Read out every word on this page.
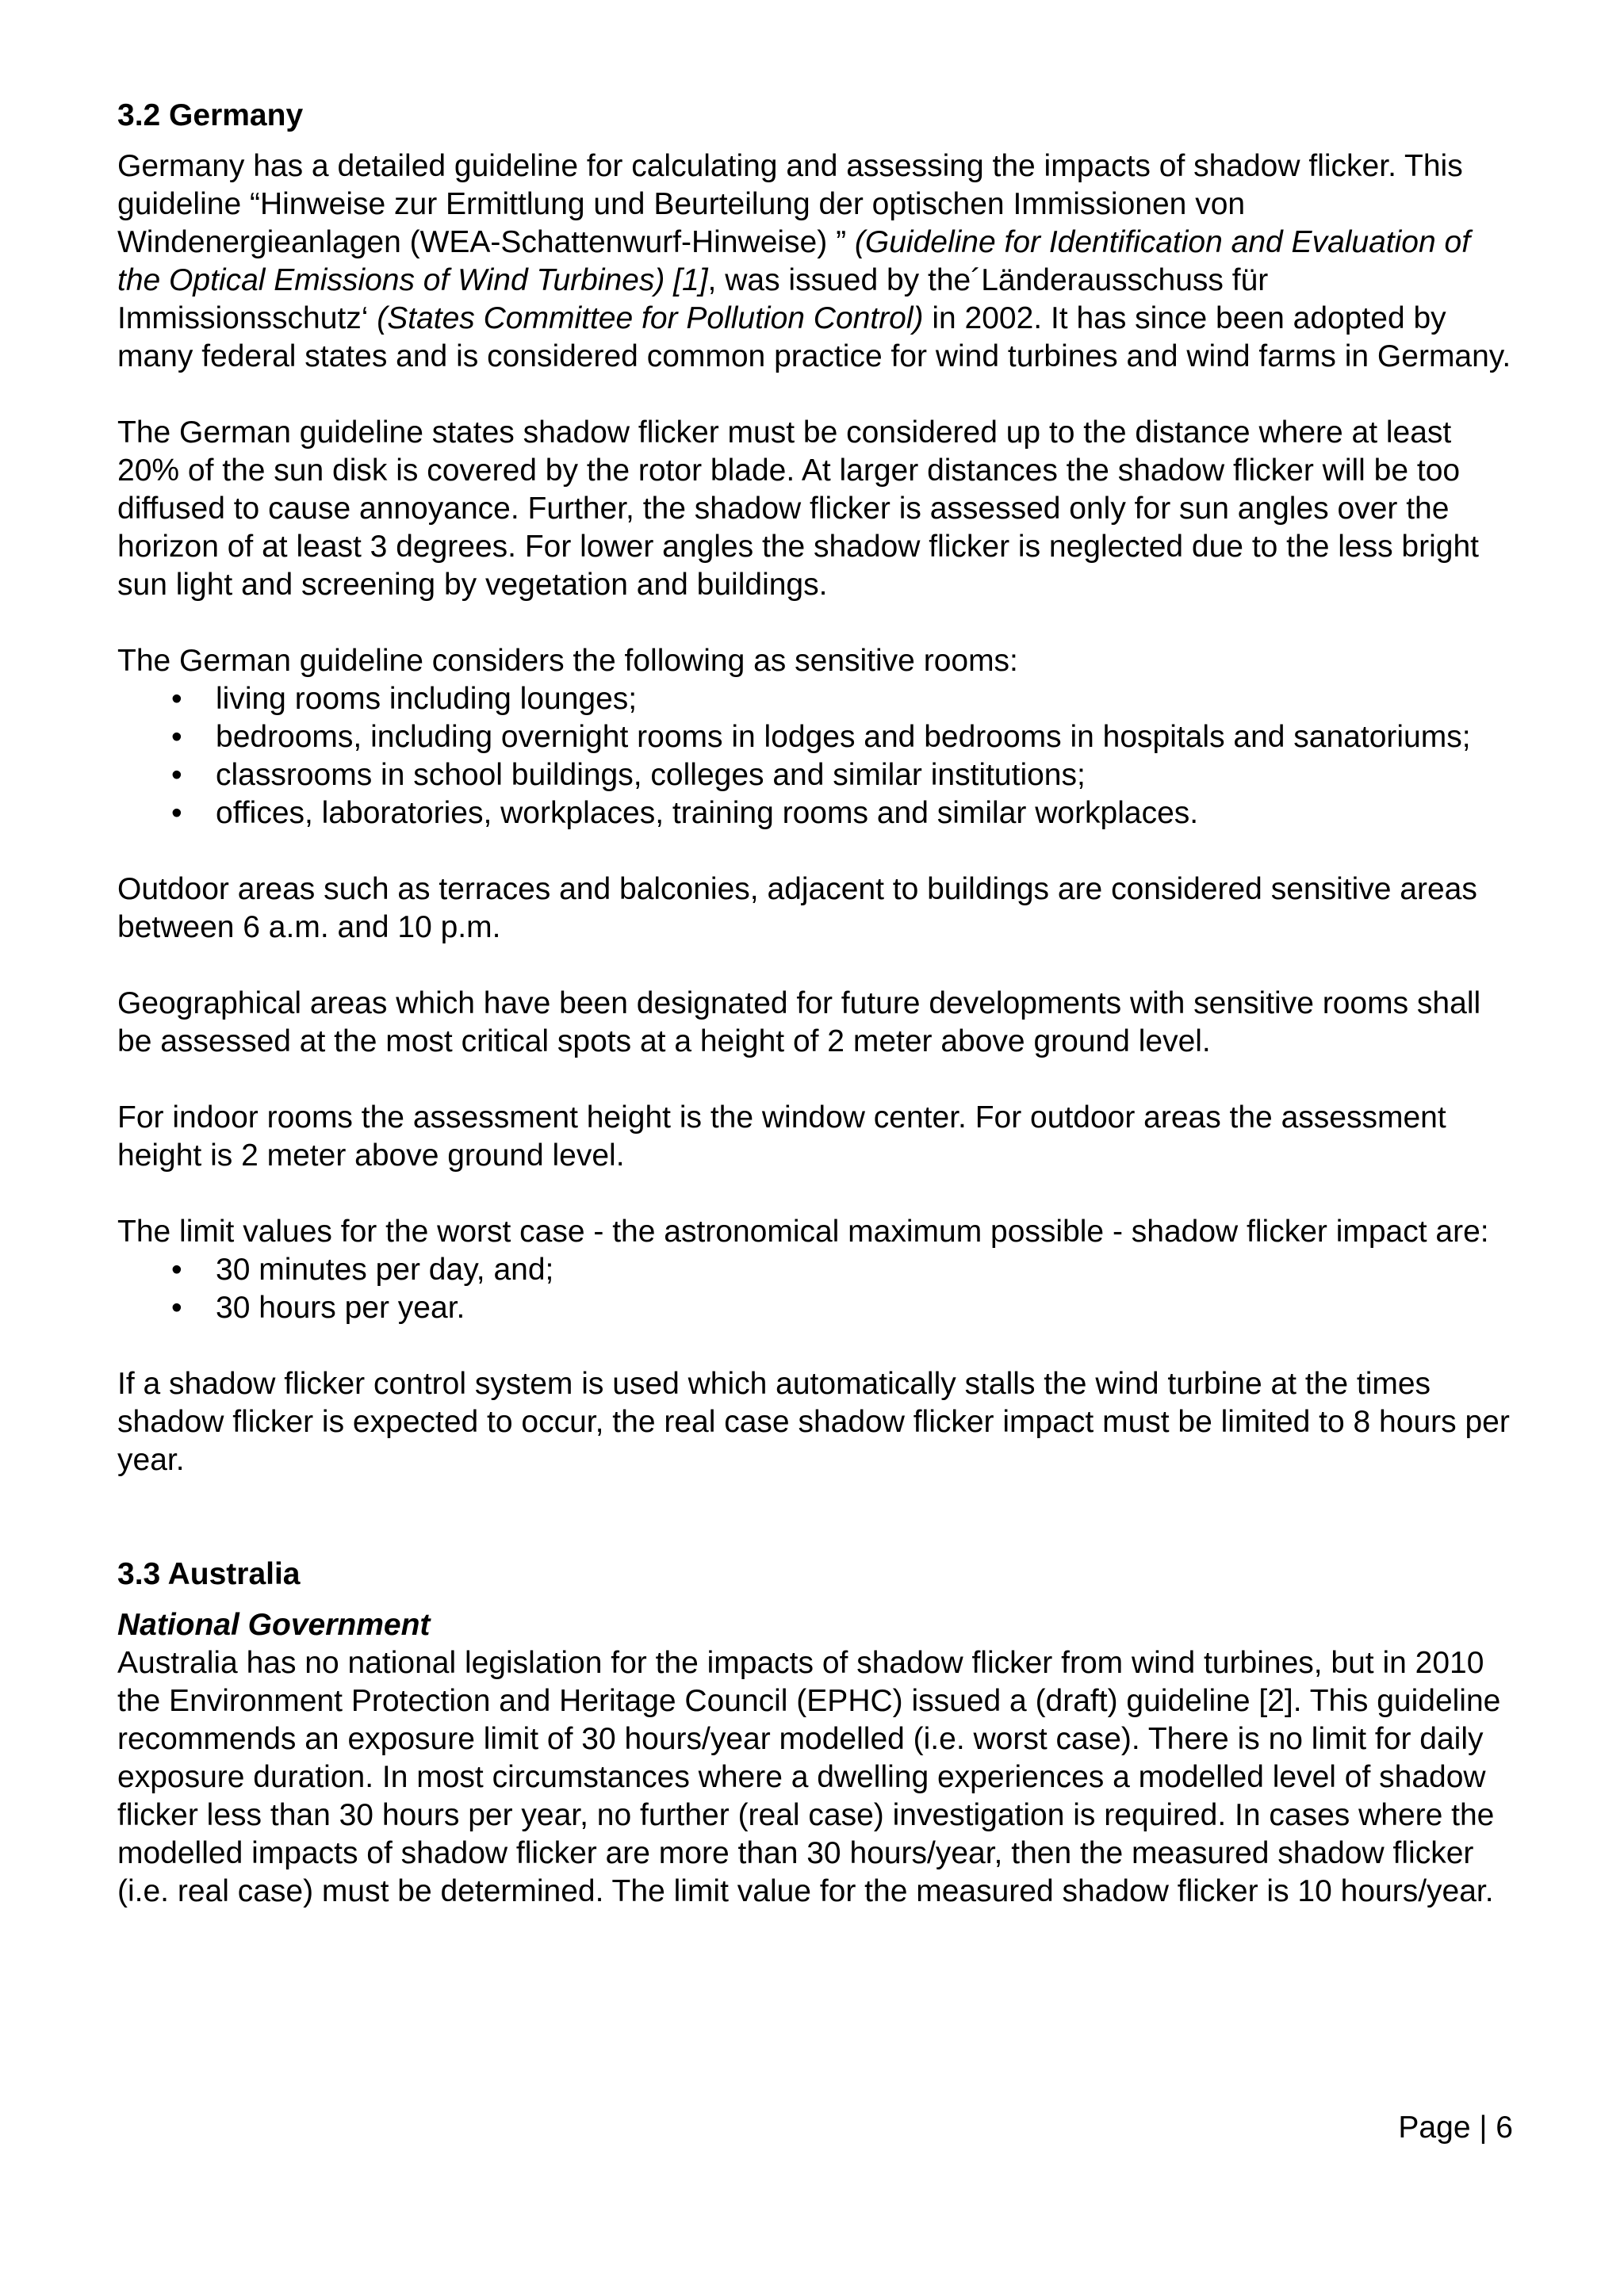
3.2 Germany

Germany has a detailed guideline for calculating and assessing the impacts of shadow flicker. This guideline “Hinweise zur Ermittlung und Beurteilung der optischen Immissionen von Windenergieanlagen (WEA-Schattenwurf-Hinweise) ” (Guideline for Identification and Evaluation of the Optical Emissions of Wind Turbines) [1], was issued by the´Länderausschuss für Immissionsschutz‘ (States Committee for Pollution Control) in 2002. It has since been adopted by many federal states and is considered common practice for wind turbines and wind farms in Germany.

The German guideline states shadow flicker must be considered up to the distance where at least 20% of the sun disk is covered by the rotor blade. At larger distances the shadow flicker will be too diffused to cause annoyance. Further, the shadow flicker is assessed only for sun angles over the horizon of at least 3 degrees. For lower angles the shadow flicker is neglected due to the less bright sun light and screening by vegetation and buildings.

The German guideline considers the following as sensitive rooms:

• living rooms including lounges;
• bedrooms, including overnight rooms in lodges and bedrooms in hospitals and sanatoriums;
• classrooms in school buildings, colleges and similar institutions;
• offices, laboratories, workplaces, training rooms and similar workplaces.

Outdoor areas such as terraces and balconies, adjacent to buildings are considered sensitive areas between 6 a.m. and 10 p.m.

Geographical areas which have been designated for future developments with sensitive rooms shall be assessed at the most critical spots at a height of 2 meter above ground level.

For indoor rooms the assessment height is the window center. For outdoor areas the assessment height is 2 meter above ground level.

The limit values for the worst case - the astronomical maximum possible - shadow flicker impact are:

• 30 minutes per day, and;
• 30 hours per year.

If a shadow flicker control system is used which automatically stalls the wind turbine at the times shadow flicker is expected to occur, the real case shadow flicker impact must be limited to 8 hours per year.

3.3 Australia

National Government

Australia has no national legislation for the impacts of shadow flicker from wind turbines, but in 2010 the Environment Protection and Heritage Council (EPHC) issued a (draft) guideline [2]. This guideline recommends an exposure limit of 30 hours/year modelled (i.e. worst case). There is no limit for daily exposure duration. In most circumstances where a dwelling experiences a modelled level of shadow flicker less than 30 hours per year, no further (real case) investigation is required. In cases where the modelled impacts of shadow flicker are more than 30 hours/year, then the measured shadow flicker (i.e. real case) must be determined. The limit value for the measured shadow flicker is 10 hours/year.

Page | 6
